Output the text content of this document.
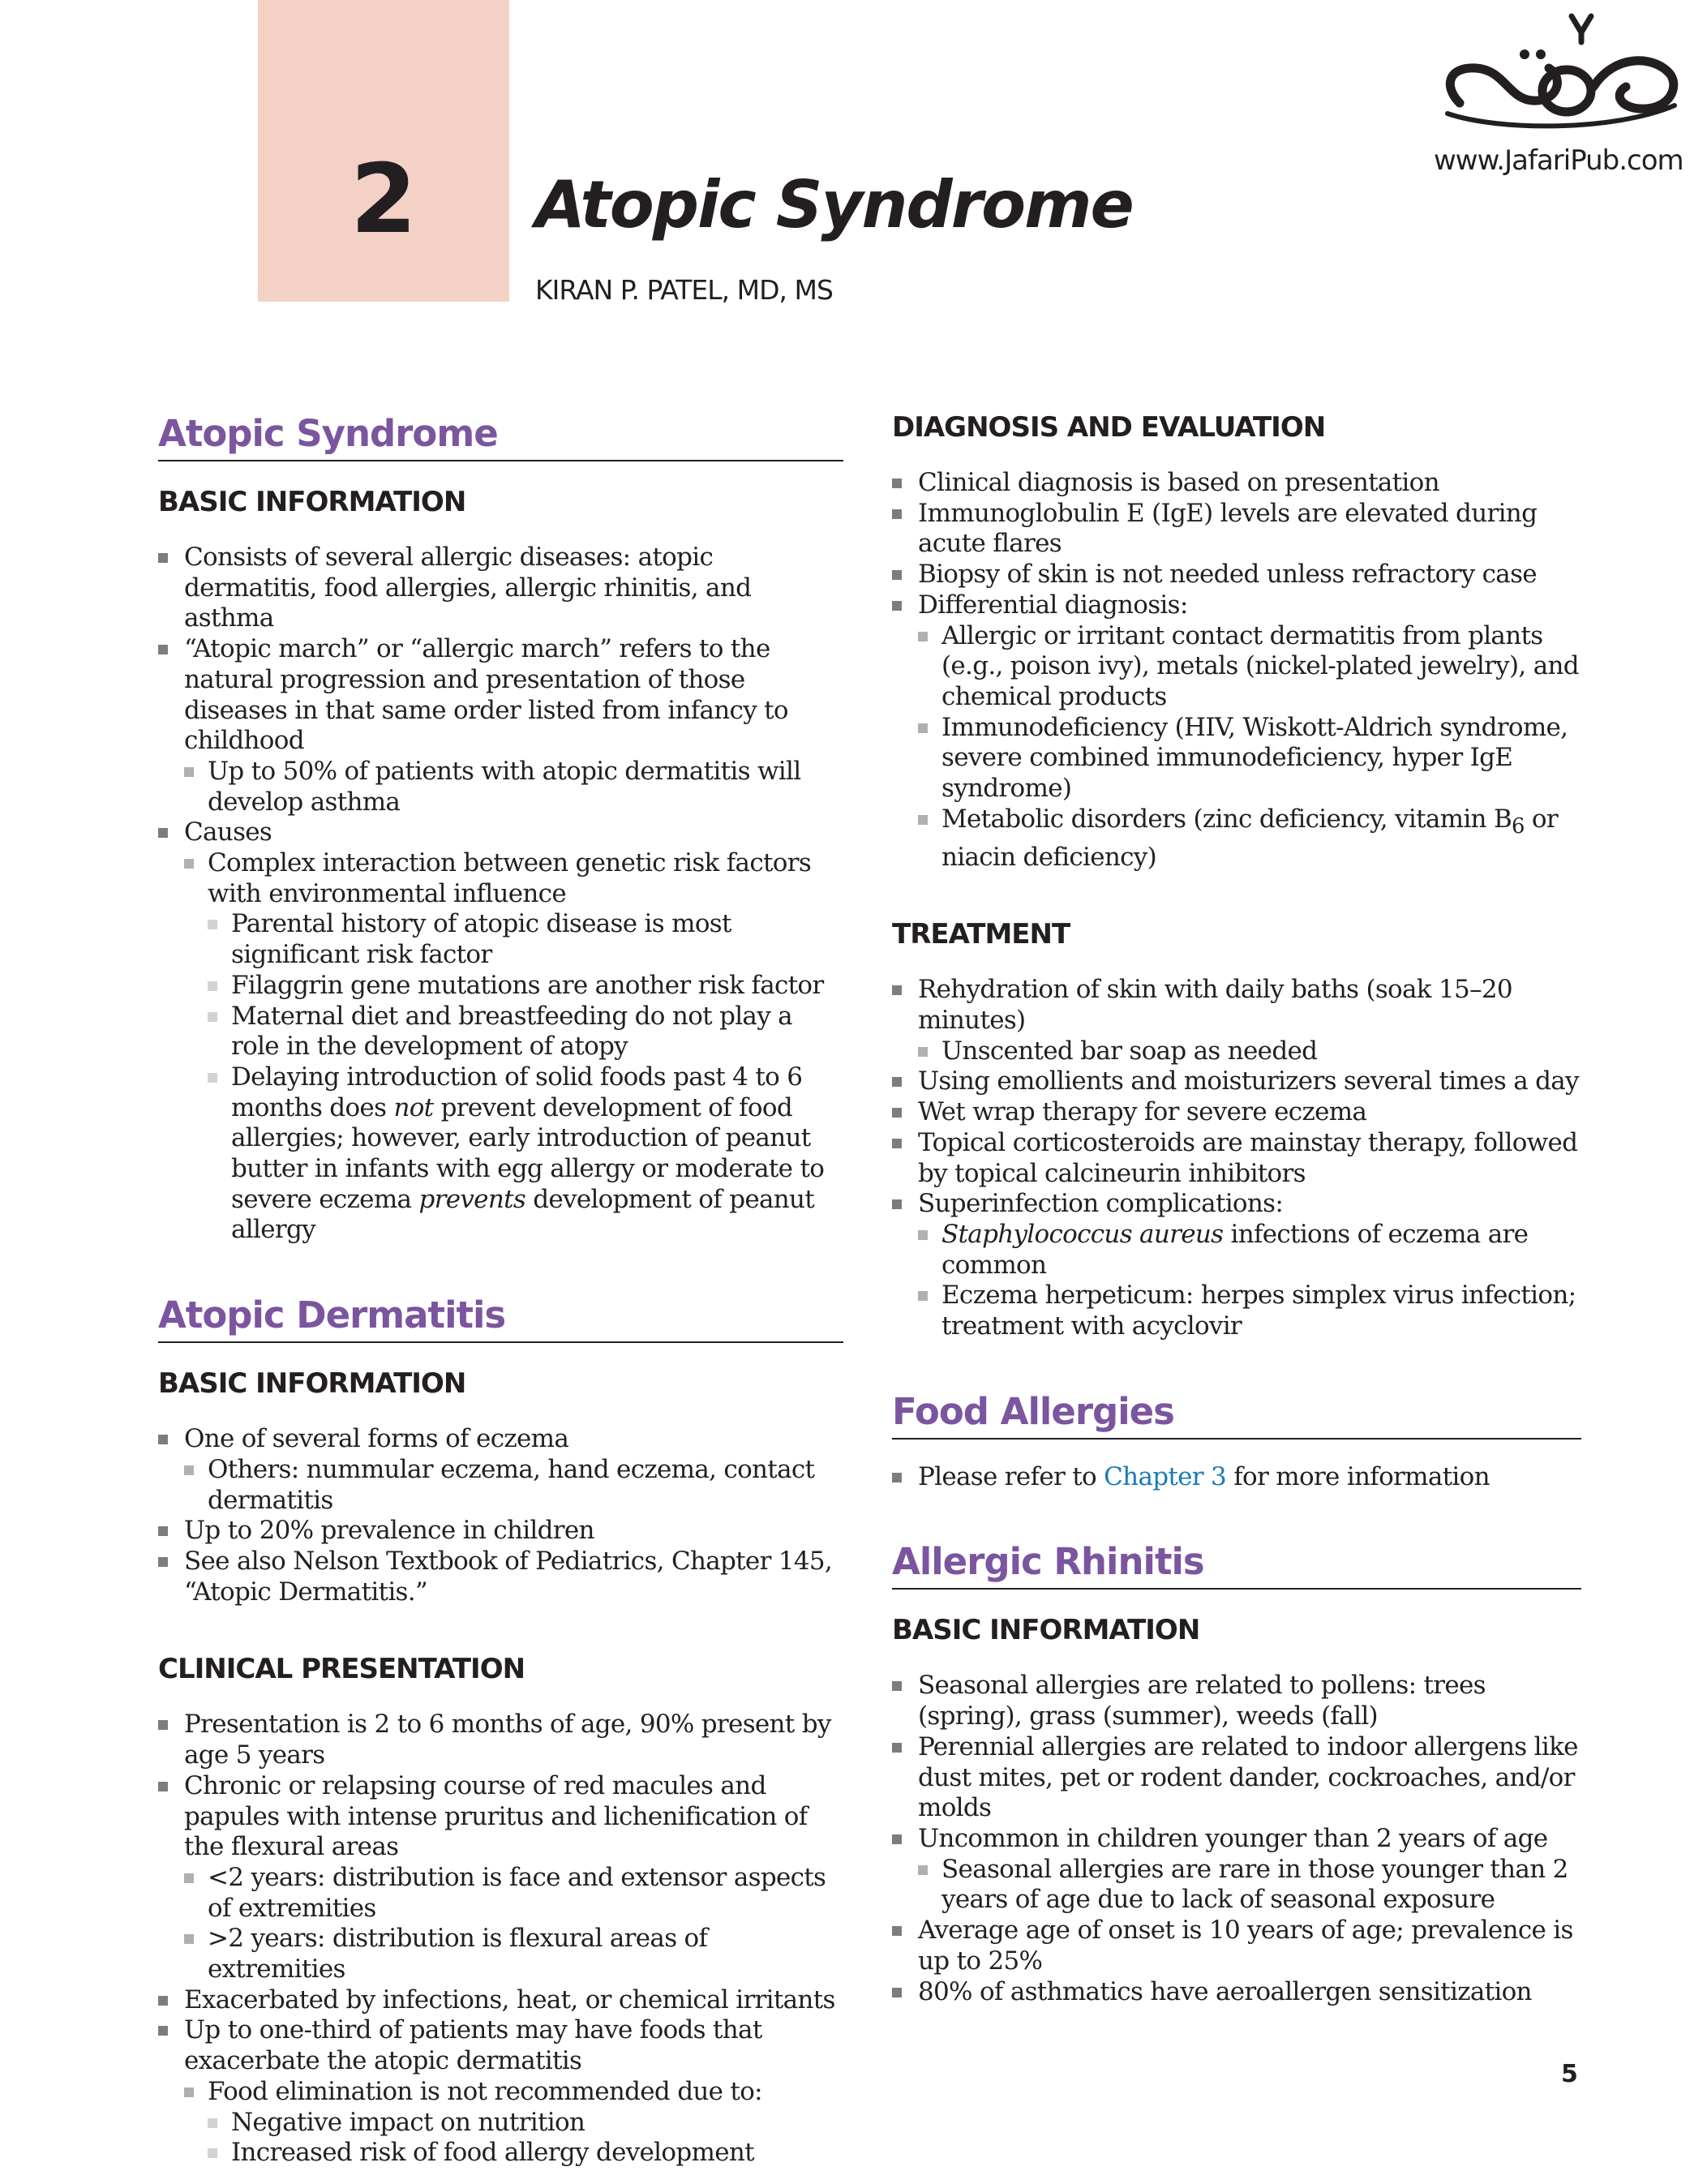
2	Atopic Syndrome
KIRAN P. PATEL, MD, MS
www.JafariPub.com
Atopic Syndrome
BASIC INFORMATION
Consists of several allergic diseases: atopic dermatitis, food allergies, allergic rhinitis, and asthma
“Atopic march” or “allergic march” refers to the natural progression and presentation of those diseases in that same order listed from infancy to childhood
Up to 50% of patients with atopic dermatitis will develop asthma
Causes
Complex interaction between genetic risk factors with environmental influence
Parental history of atopic disease is most significant risk factor
Filaggrin gene mutations are another risk factor
Maternal diet and breastfeeding do not play a role in the development of atopy
Delaying introduction of solid foods past 4 to 6 months does not prevent development of food allergies; however, early introduction of peanut butter in infants with egg allergy or moderate to severe eczema prevents development of peanut allergy
Atopic Dermatitis
BASIC INFORMATION
One of several forms of eczema
Others: nummular eczema, hand eczema, contact dermatitis
Up to 20% prevalence in children
See also Nelson Textbook of Pediatrics, Chapter 145, “Atopic Dermatitis.”
CLINICAL PRESENTATION
Presentation is 2 to 6 months of age, 90% present by age 5 years
Chronic or relapsing course of red macules and papules with intense pruritus and lichenification of the flexural areas
<2 years: distribution is face and extensor aspects of extremities
>2 years: distribution is flexural areas of extremities
Exacerbated by infections, heat, or chemical irritants
Up to one-third of patients may have foods that exacerbate the atopic dermatitis
Food elimination is not recommended due to:
Negative impact on nutrition
Increased risk of food allergy development
DIAGNOSIS AND EVALUATION
Clinical diagnosis is based on presentation
Immunoglobulin E (IgE) levels are elevated during acute flares
Biopsy of skin is not needed unless refractory case
Differential diagnosis:
Allergic or irritant contact dermatitis from plants (e.g., poison ivy), metals (nickel-plated jewelry), and chemical products
Immunodeficiency (HIV, Wiskott-Aldrich syndrome, severe combined immunodeficiency, hyper IgE syndrome)
Metabolic disorders (zinc deficiency, vitamin $B_6$ or niacin deficiency)
TREATMENT
Rehydration of skin with daily baths (soak 15–20 minutes)
Unscented bar soap as needed
Using emollients and moisturizers several times a day
Wet wrap therapy for severe eczema
Topical corticosteroids are mainstay therapy, followed by topical calcineurin inhibitors
Superinfection complications:
Staphylococcus aureus infections of eczema are common
Eczema herpeticum: herpes simplex virus infection; treatment with acyclovir
Food Allergies
Please refer to Chapter 3 for more information
Allergic Rhinitis
BASIC INFORMATION
Seasonal allergies are related to pollens: trees (spring), grass (summer), weeds (fall)
Perennial allergies are related to indoor allergens like dust mites, pet or rodent dander, cockroaches, and/or molds
Uncommon in children younger than 2 years of age
Seasonal allergies are rare in those younger than 2 years of age due to lack of seasonal exposure
Average age of onset is 10 years of age; prevalence is up to 25%
80% of asthmatics have aeroallergen sensitization
5
